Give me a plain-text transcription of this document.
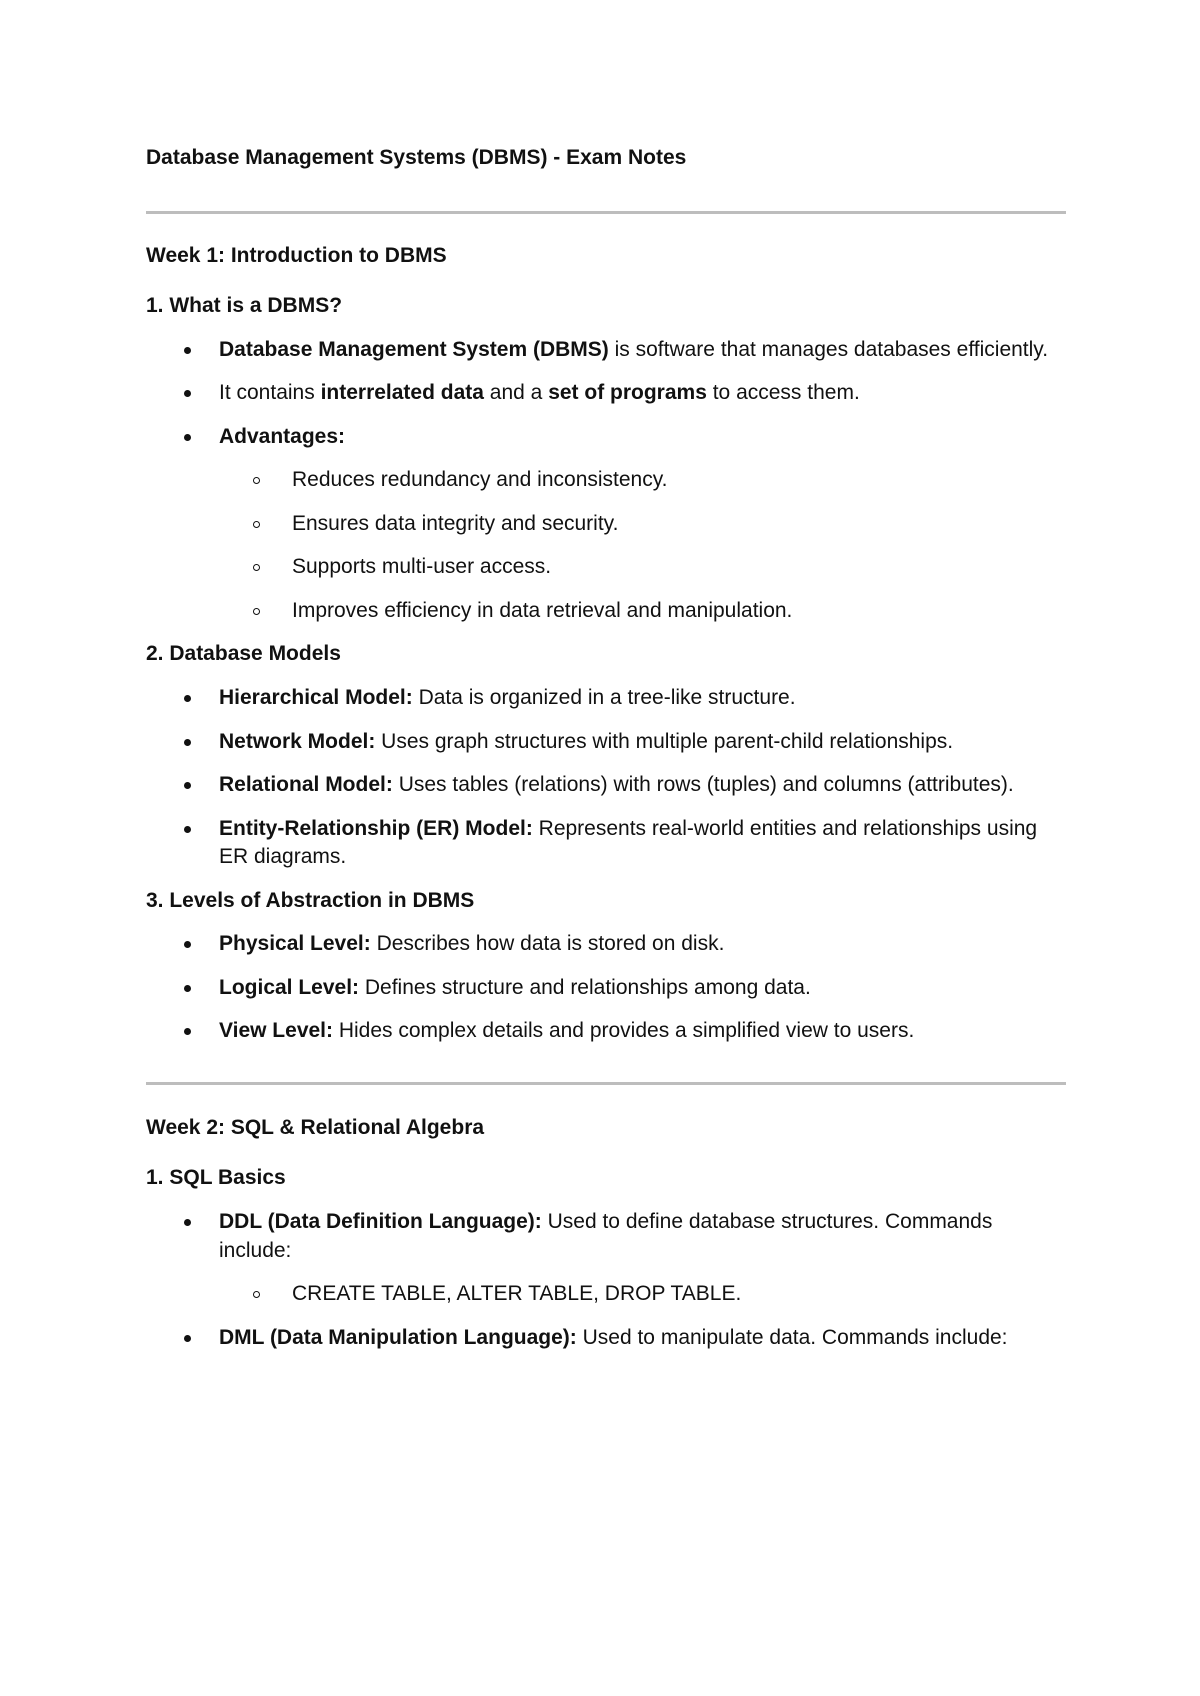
Database Management Systems (DBMS) - Exam Notes

Week 1: Introduction to DBMS

1. What is a DBMS?

Database Management System (DBMS) is software that manages databases efficiently.
It contains interrelated data and a set of programs to access them.
Advantages:
Reduces redundancy and inconsistency.
Ensures data integrity and security.
Supports multi-user access.
Improves efficiency in data retrieval and manipulation.

2. Database Models

Hierarchical Model: Data is organized in a tree-like structure.
Network Model: Uses graph structures with multiple parent-child relationships.
Relational Model: Uses tables (relations) with rows (tuples) and columns (attributes).
Entity-Relationship (ER) Model: Represents real-world entities and relationships using ER diagrams.

3. Levels of Abstraction in DBMS

Physical Level: Describes how data is stored on disk.
Logical Level: Defines structure and relationships among data.
View Level: Hides complex details and provides a simplified view to users.

Week 2: SQL & Relational Algebra

1. SQL Basics

DDL (Data Definition Language): Used to define database structures. Commands include:
CREATE TABLE, ALTER TABLE, DROP TABLE.
DML (Data Manipulation Language): Used to manipulate data. Commands include:
